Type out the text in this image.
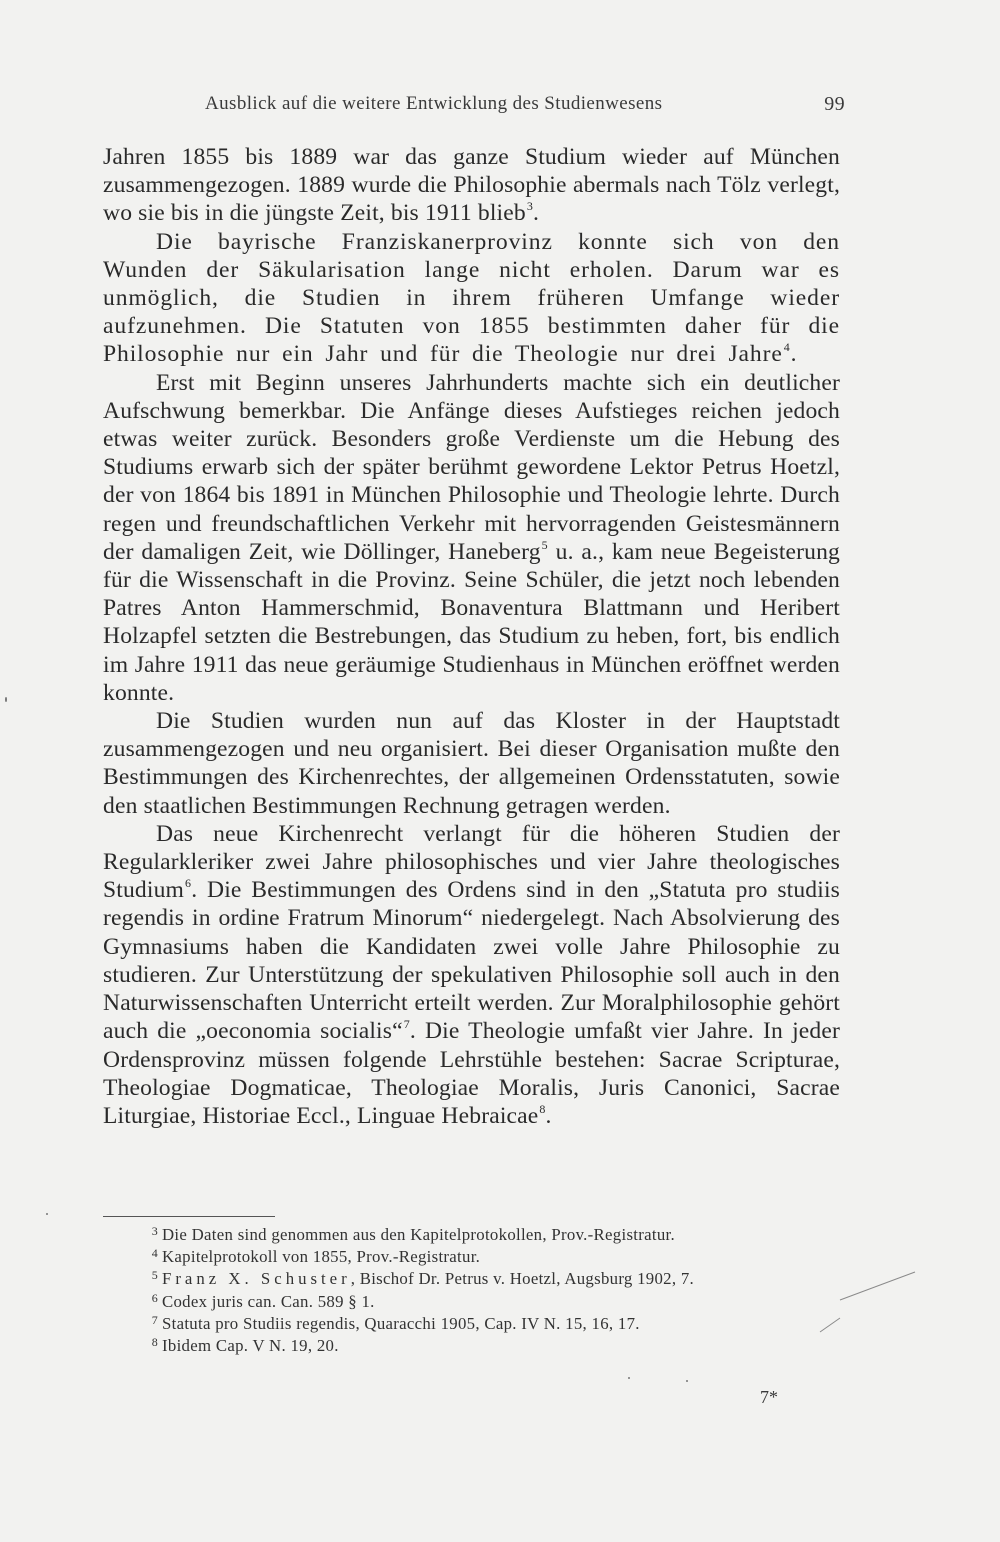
Ausblick auf die weitere Entwicklung des Studienwesens	99

Jahren 1855 bis 1889 war das ganze Studium wieder auf München zusammengezogen. 1889 wurde die Philosophie abermals nach Tölz verlegt, wo sie bis in die jüngste Zeit, bis 1911 blieb$^3$.

Die bayrische Franziskanerprovinz konnte sich von den Wunden der Säkularisation lange nicht erholen. Darum war es unmöglich, die Studien in ihrem früheren Umfange wieder aufzunehmen. Die Statuten von 1855 bestimmten daher für die Philosophie nur ein Jahr und für die Theologie nur drei Jahre$^4$.

Erst mit Beginn unseres Jahrhunderts machte sich ein deutlicher Aufschwung bemerkbar. Die Anfänge dieses Aufstieges reichen jedoch etwas weiter zurück. Besonders große Verdienste um die Hebung des Studiums erwarb sich der später berühmt gewordene Lektor Petrus Hoetzl, der von 1864 bis 1891 in München Philosophie und Theologie lehrte. Durch regen und freundschaftlichen Verkehr mit hervorragenden Geistesmännern der damaligen Zeit, wie Döllinger, Haneberg$^5$ u. a., kam neue Begeisterung für die Wissenschaft in die Provinz. Seine Schüler, die jetzt noch lebenden Patres Anton Hammerschmid, Bonaventura Blattmann und Heribert Holzapfel setzten die Bestrebungen, das Studium zu heben, fort, bis endlich im Jahre 1911 das neue geräumige Studienhaus in München eröffnet werden konnte.

Die Studien wurden nun auf das Kloster in der Hauptstadt zusammengezogen und neu organisiert. Bei dieser Organisation mußte den Bestimmungen des Kirchenrechtes, der allgemeinen Ordensstatuten, sowie den staatlichen Bestimmungen Rechnung getragen werden.

Das neue Kirchenrecht verlangt für die höheren Studien der Regularkleriker zwei Jahre philosophisches und vier Jahre theologisches Studium$^6$. Die Bestimmungen des Ordens sind in den „Statuta pro studiis regendis in ordine Fratrum Minorum“ niedergelegt. Nach Absolvierung des Gymnasiums haben die Kandidaten zwei volle Jahre Philosophie zu studieren. Zur Unterstützung der spekulativen Philosophie soll auch in den Naturwissenschaften Unterricht erteilt werden. Zur Moralphilosophie gehört auch die „oeconomia socialis“$^7$. Die Theologie umfaßt vier Jahre. In jeder Ordensprovinz müssen folgende Lehrstühle bestehen: Sacrae Scripturae, Theologiae Dogmaticae, Theologiae Moralis, Juris Canonici, Sacrae Liturgiae, Historiae Eccl., Linguae Hebraicae$^8$.

3 Die Daten sind genommen aus den Kapitelprotokollen, Prov.-Registratur.

4 Kapitelprotokoll von 1855, Prov.-Registratur.

5 Franz X. Schuster, Bischof Dr. Petrus v. Hoetzl, Augsburg 1902, 7.

6 Codex juris can. Can. 589 § 1.

7 Statuta pro Studiis regendis, Quaracchi 1905, Cap. IV N. 15, 16, 17.

8 Ibidem Cap. V N. 19, 20.

7*
